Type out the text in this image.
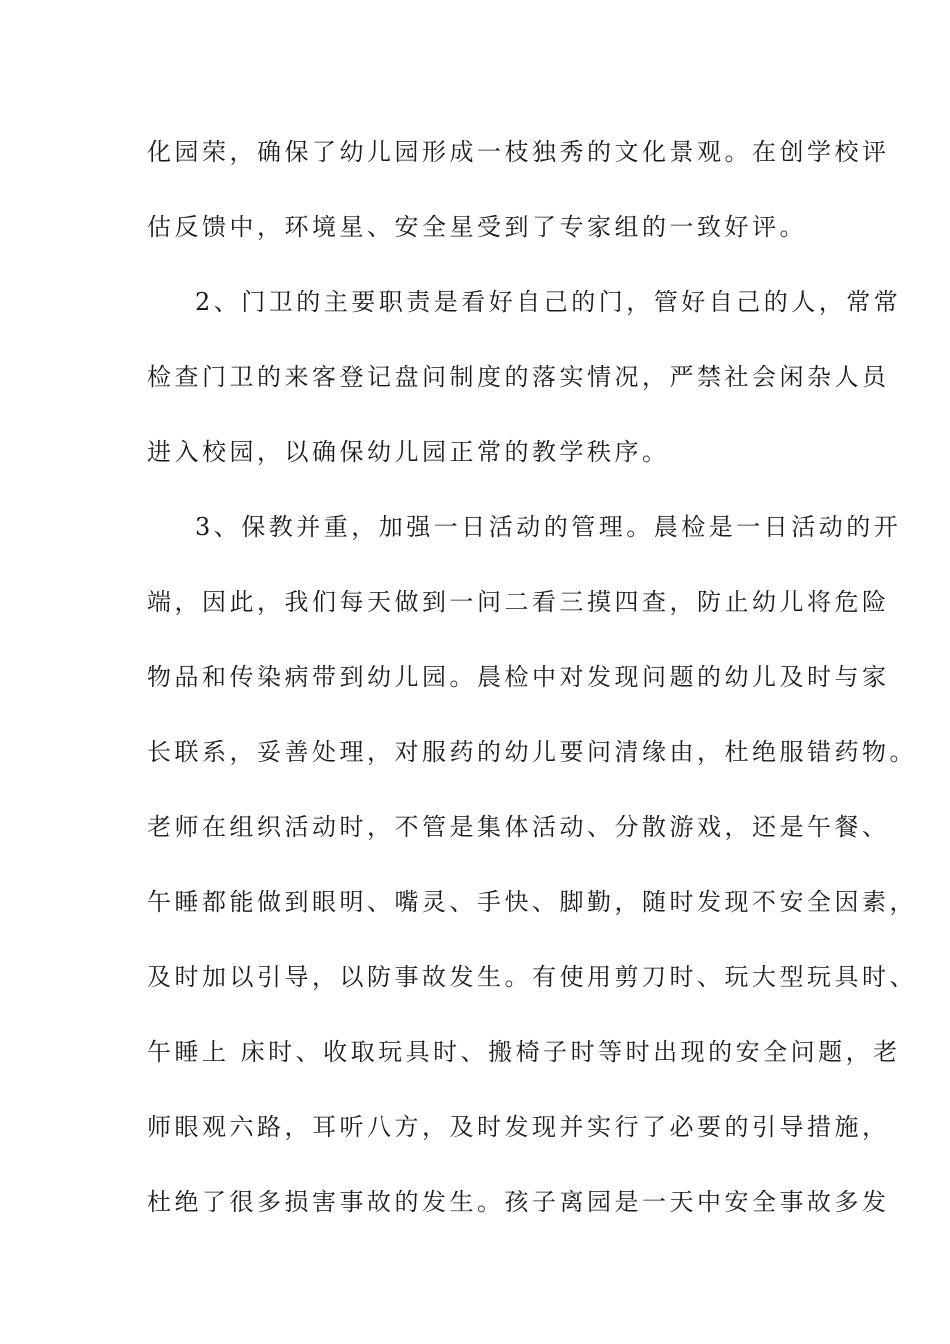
化园荣，确保了幼儿园形成一枝独秀的文化景观。在创学校评

估反馈中，环境星、安全星受到了专家组的一致好评。

2、门卫的主要职责是看好自己的门，管好自己的人，常常

检查门卫的来客登记盘问制度的落实情况，严禁社会闲杂人员

进入校园，以确保幼儿园正常的教学秩序。

3、保教并重，加强一日活动的管理。晨检是一日活动的开

端，因此，我们每天做到一问二看三摸四查，防止幼儿将危险

物品和传染病带到幼儿园。晨检中对发现问题的幼儿及时与家

长联系，妥善处理，对服药的幼儿要问清缘由，杜绝服错药物。

老师在组织活动时，不管是集体活动、分散游戏，还是午餐、

午睡都能做到眼明、嘴灵、手快、脚勤，随时发现不安全因素，

及时加以引导，以防事故发生。有使用剪刀时、玩大型玩具时、

午睡上 床时、收取玩具时、搬椅子时等时出现的安全问题，老

师眼观六路，耳听八方，及时发现并实行了必要的引导措施，

杜绝了很多损害事故的发生。孩子离园是一天中安全事故多发
